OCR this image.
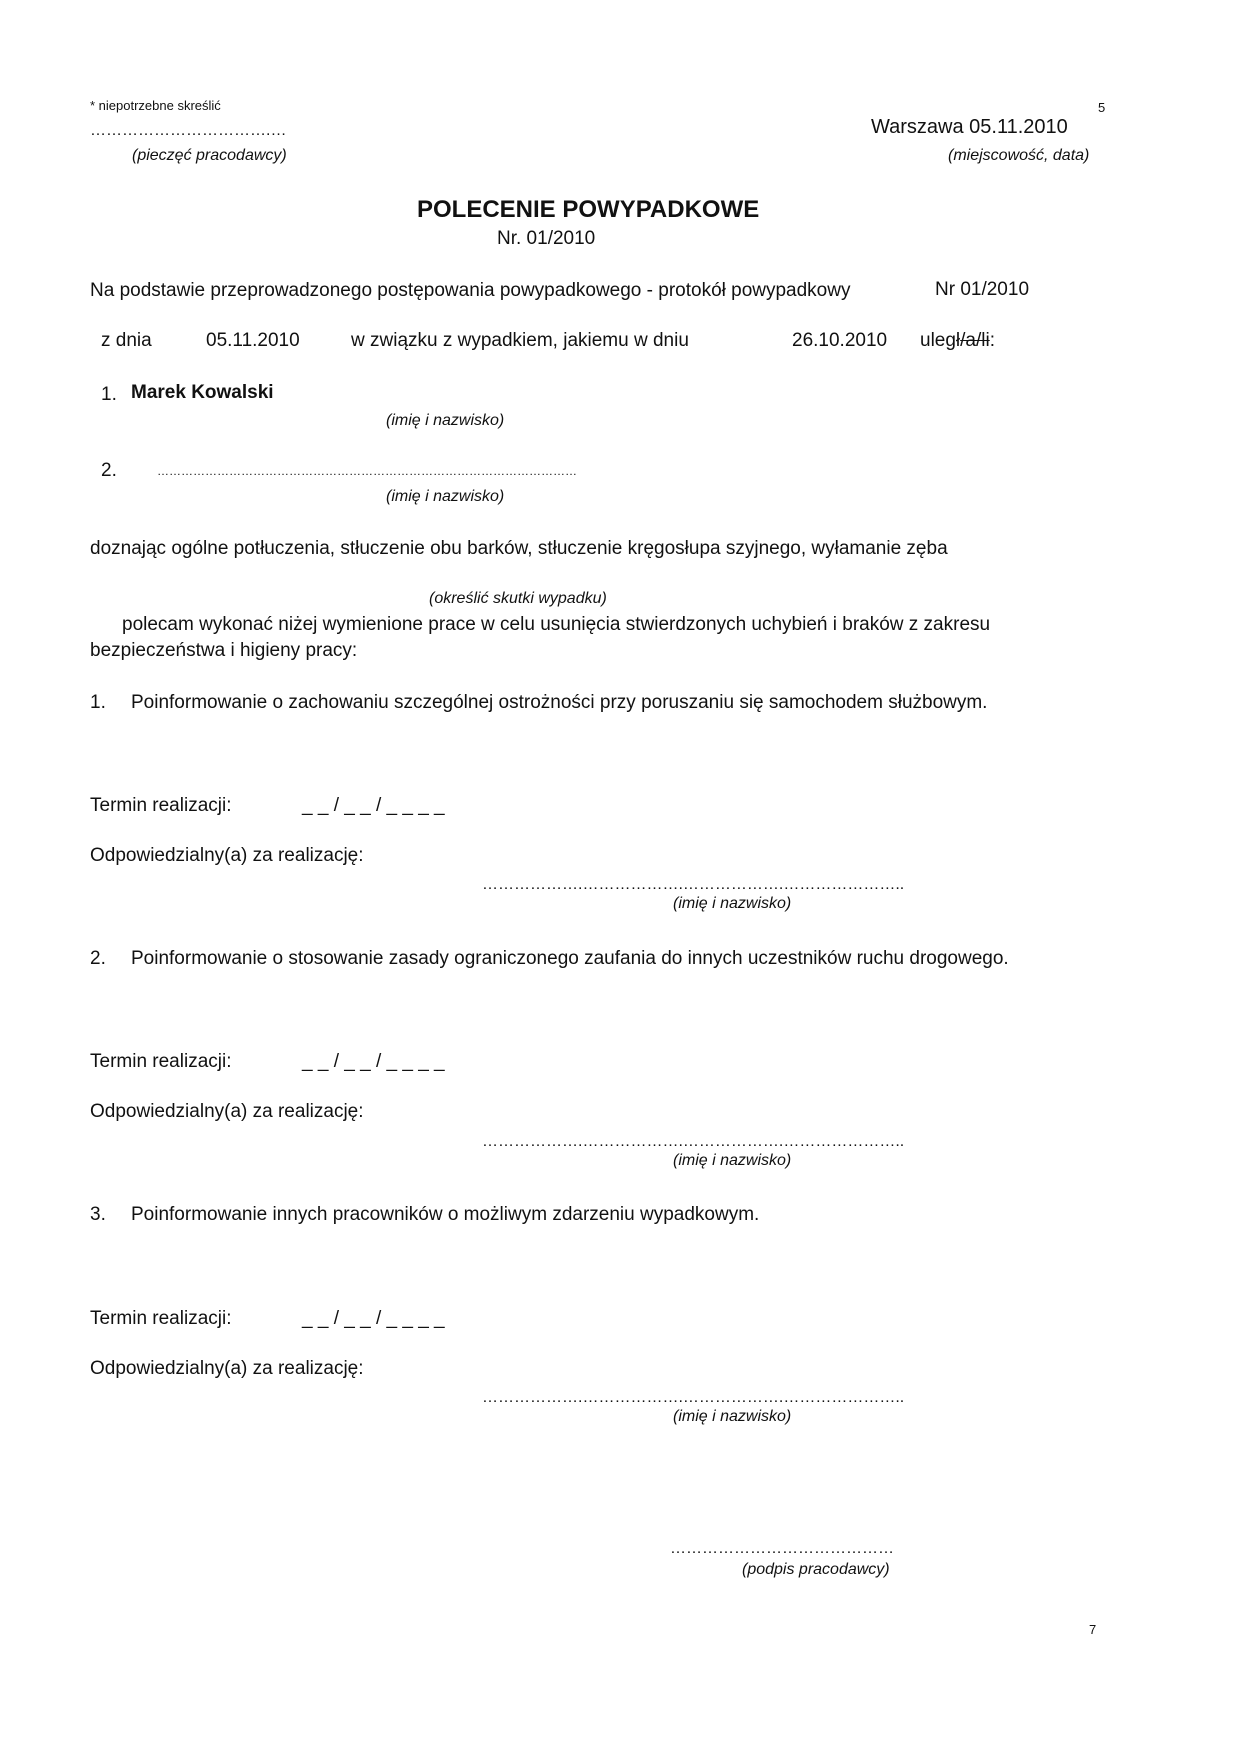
* niepotrzebne skreślić	5
…………………………….…
(pieczęć pracodawcy)
Warszawa 05.11.2010
(miejscowość, data)
POLECENIE POWYPADKOWE
Nr. 01/2010
Na podstawie przeprowadzonego postępowania powypadkowego - protokół powypadkowy	Nr 01/2010
z dnia	05.11.2010	w związku z wypadkiem, jakiemu w dniu	26.10.2010 uległ/a/li:
1. Marek Kowalski
(imię i nazwisko)
2.	……………………………………………………………………………………………
(imię i nazwisko)
doznając ogólne potłuczenia, stłuczenie obu barków, stłuczenie kręgosłupa szyjnego, wyłamanie zęba
(określić skutki wypadku)
polecam wykonać niżej wymienione prace w celu usunięcia stwierdzonych uchybień i braków z zakresu
bezpieczeństwa i higieny pracy:
1. Poinformowanie o zachowaniu szczególnej ostrożności przy poruszaniu się samochodem służbowym.
Termin realizacji:	_ _ / _ _ / _ _ _ _
Odpowiedzialny(a) za realizację:
……………….……………….……………….…………………..
(imię i nazwisko)
2. Poinformowanie o stosowanie zasady ograniczonego zaufania do innych uczestników ruchu drogowego.
Termin realizacji:	_ _ / _ _ / _ _ _ _
Odpowiedzialny(a) za realizację:
……………….……………….……………….…………………..
(imię i nazwisko)
3. Poinformowanie innych pracowników o możliwym zdarzeniu wypadkowym.
Termin realizacji:	_ _ / _ _ / _ _ _ _
Odpowiedzialny(a) za realizację:
……………….……………….……………….…………………..
(imię i nazwisko)
……………………………………
(podpis pracodawcy)
7
